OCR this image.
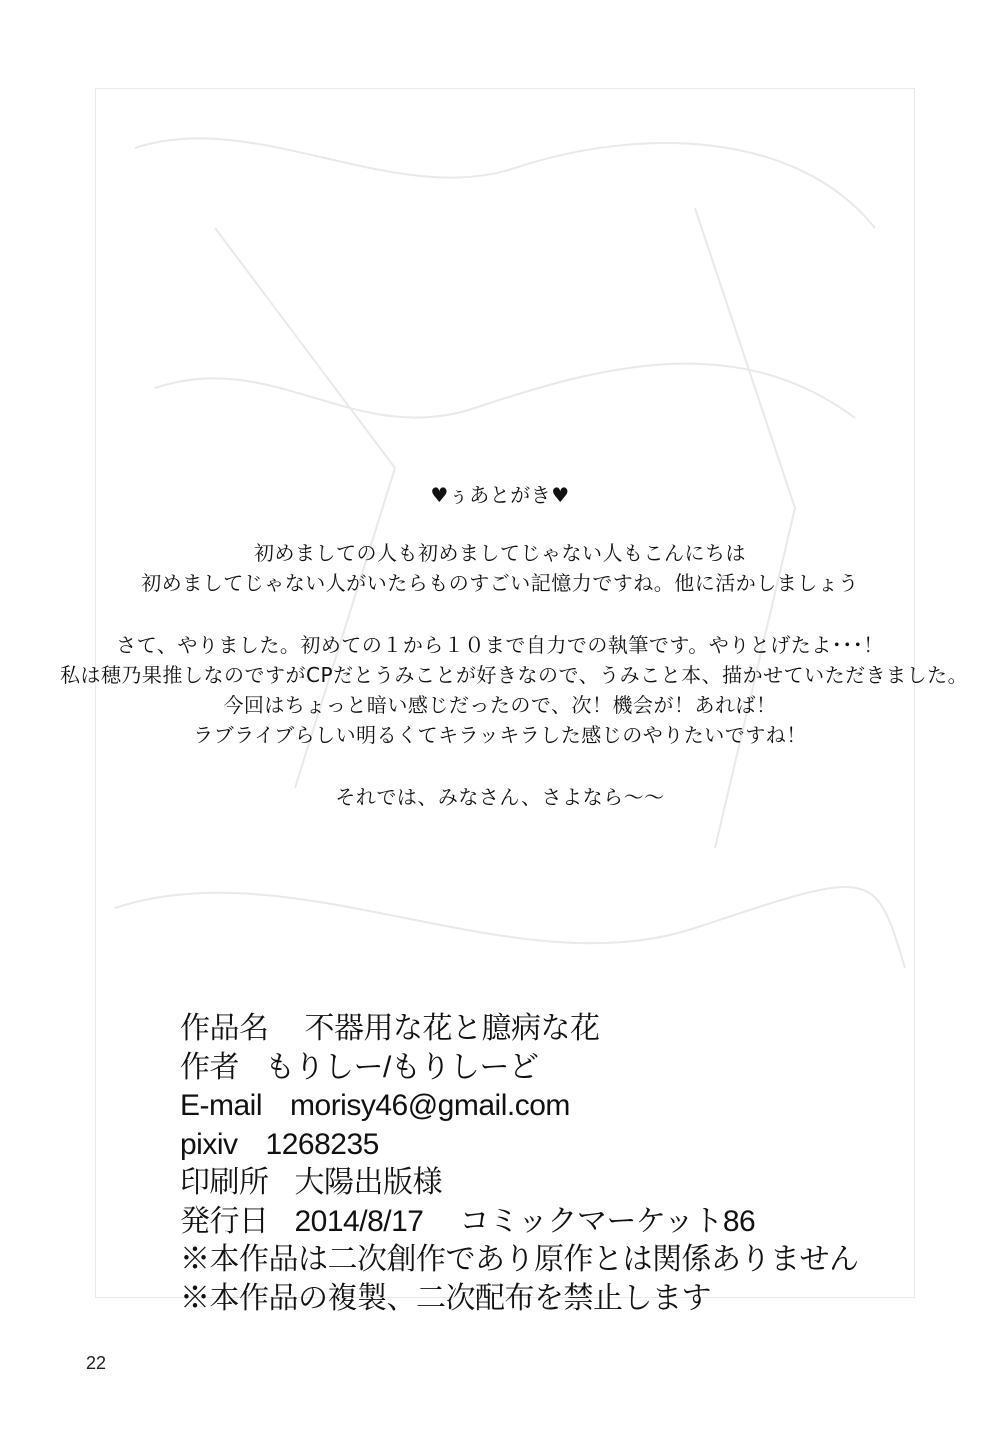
♥ぅあとがき♥
初めましての人も初めましてじゃない人もこんにちは
初めましてじゃない人がいたらものすごい記憶力ですね。他に活かしましょう
さて、やりました。初めての１から１０まで自力での執筆です。やりとげたよ･･･！
私は穂乃果推しなのですがCPだとうみことが好きなので、うみこと本、描かせていただきました。
今回はちょっと暗い感じだったので、次！機会が！あれば！
ラブライブらしい明るくてキラッキラした感じのやりたいですね！
それでは、みなさん、さよなら～～
作品名 不器用な花と臆病な花
作者 もりしー/もりしーど
E-mail morisy46@gmail.com
pixiv 1268235
印刷所 大陽出版様
発行日 2014/8/17 コミックマーケット86
※本作品は二次創作であり原作とは関係ありません
※本作品の複製、二次配布を禁止します
22
